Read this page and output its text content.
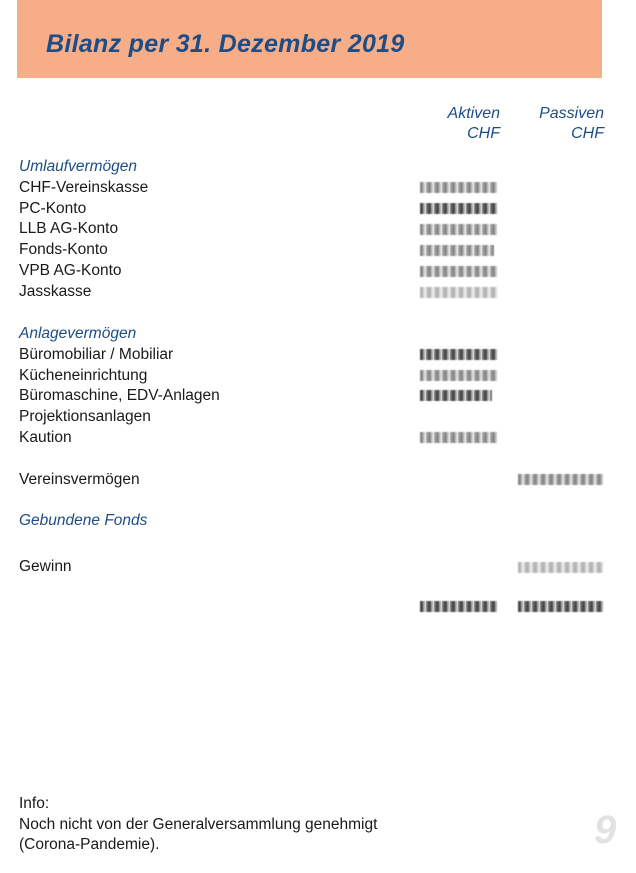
Bilanz per 31. Dezember 2019
Aktiven
CHF
Passiven
CHF
Umlaufvermögen
CHF-Vereinskasse
PC-Konto
LLB AG-Konto
Fonds-Konto
VPB AG-Konto
Jasskasse
Anlagevermögen
Büromobiliar / Mobiliar
Kücheneinrichtung
Büromaschine, EDV-Anlagen
Projektionsanlagen
Kaution
Vereinsvermögen
Gebundene Fonds
Gewinn
Info:
Noch nicht von der Generalversammlung genehmigt
(Corona-Pandemie).	9
